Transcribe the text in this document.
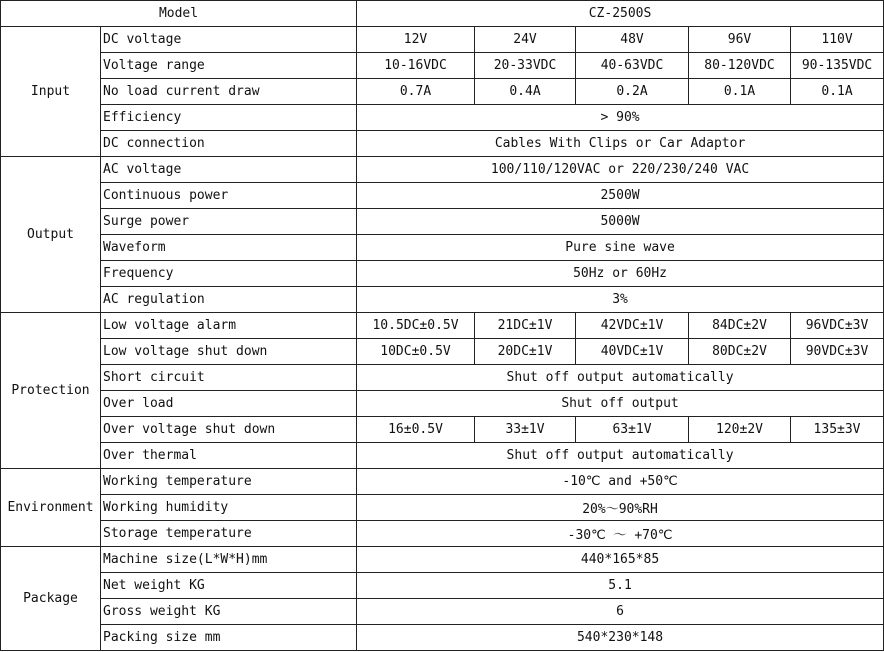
Model		CZ-2500S				
Input	DC voltage	12V	24V	48V	96V	110V
	Voltage range	10-16VDC	20-33VDC	40-63VDC	80-120VDC	90-135VDC
	No load current draw	0.7A	0.4A	0.2A	0.1A	0.1A
	Efficiency	> 90%				
	DC connection	Cables With Clips or Car Adaptor				
Output	AC voltage	100/110/120VAC or 220/230/240 VAC				
	Continuous power	2500W				
	Surge power	5000W				
	Waveform	Pure sine wave				
	Frequency	50Hz or 60Hz				
	AC regulation	3%				
Protection	Low voltage alarm	10.5DC±0.5V	21DC±1V	42VDC±1V	84DC±2V	96VDC±3V
	Low voltage shut down	10DC±0.5V	20DC±1V	40VDC±1V	80DC±2V	90VDC±3V
	Short circuit	Shut off output automatically				
	Over load	Shut off output				
	Over voltage shut down	16±0.5V	33±1V	63±1V	120±2V	135±3V
	Over thermal	Shut off output automatically				
Environment	Working temperature	-10℃ and +50℃				
	Working humidity	20%～90%RH				
	Storage temperature	-30℃ ～ +70℃				
Package	Machine size(L*W*H)mm	440*165*85				
	Net weight KG	5.1				
	Gross weight KG	6				
	Packing size mm	540*230*148				
